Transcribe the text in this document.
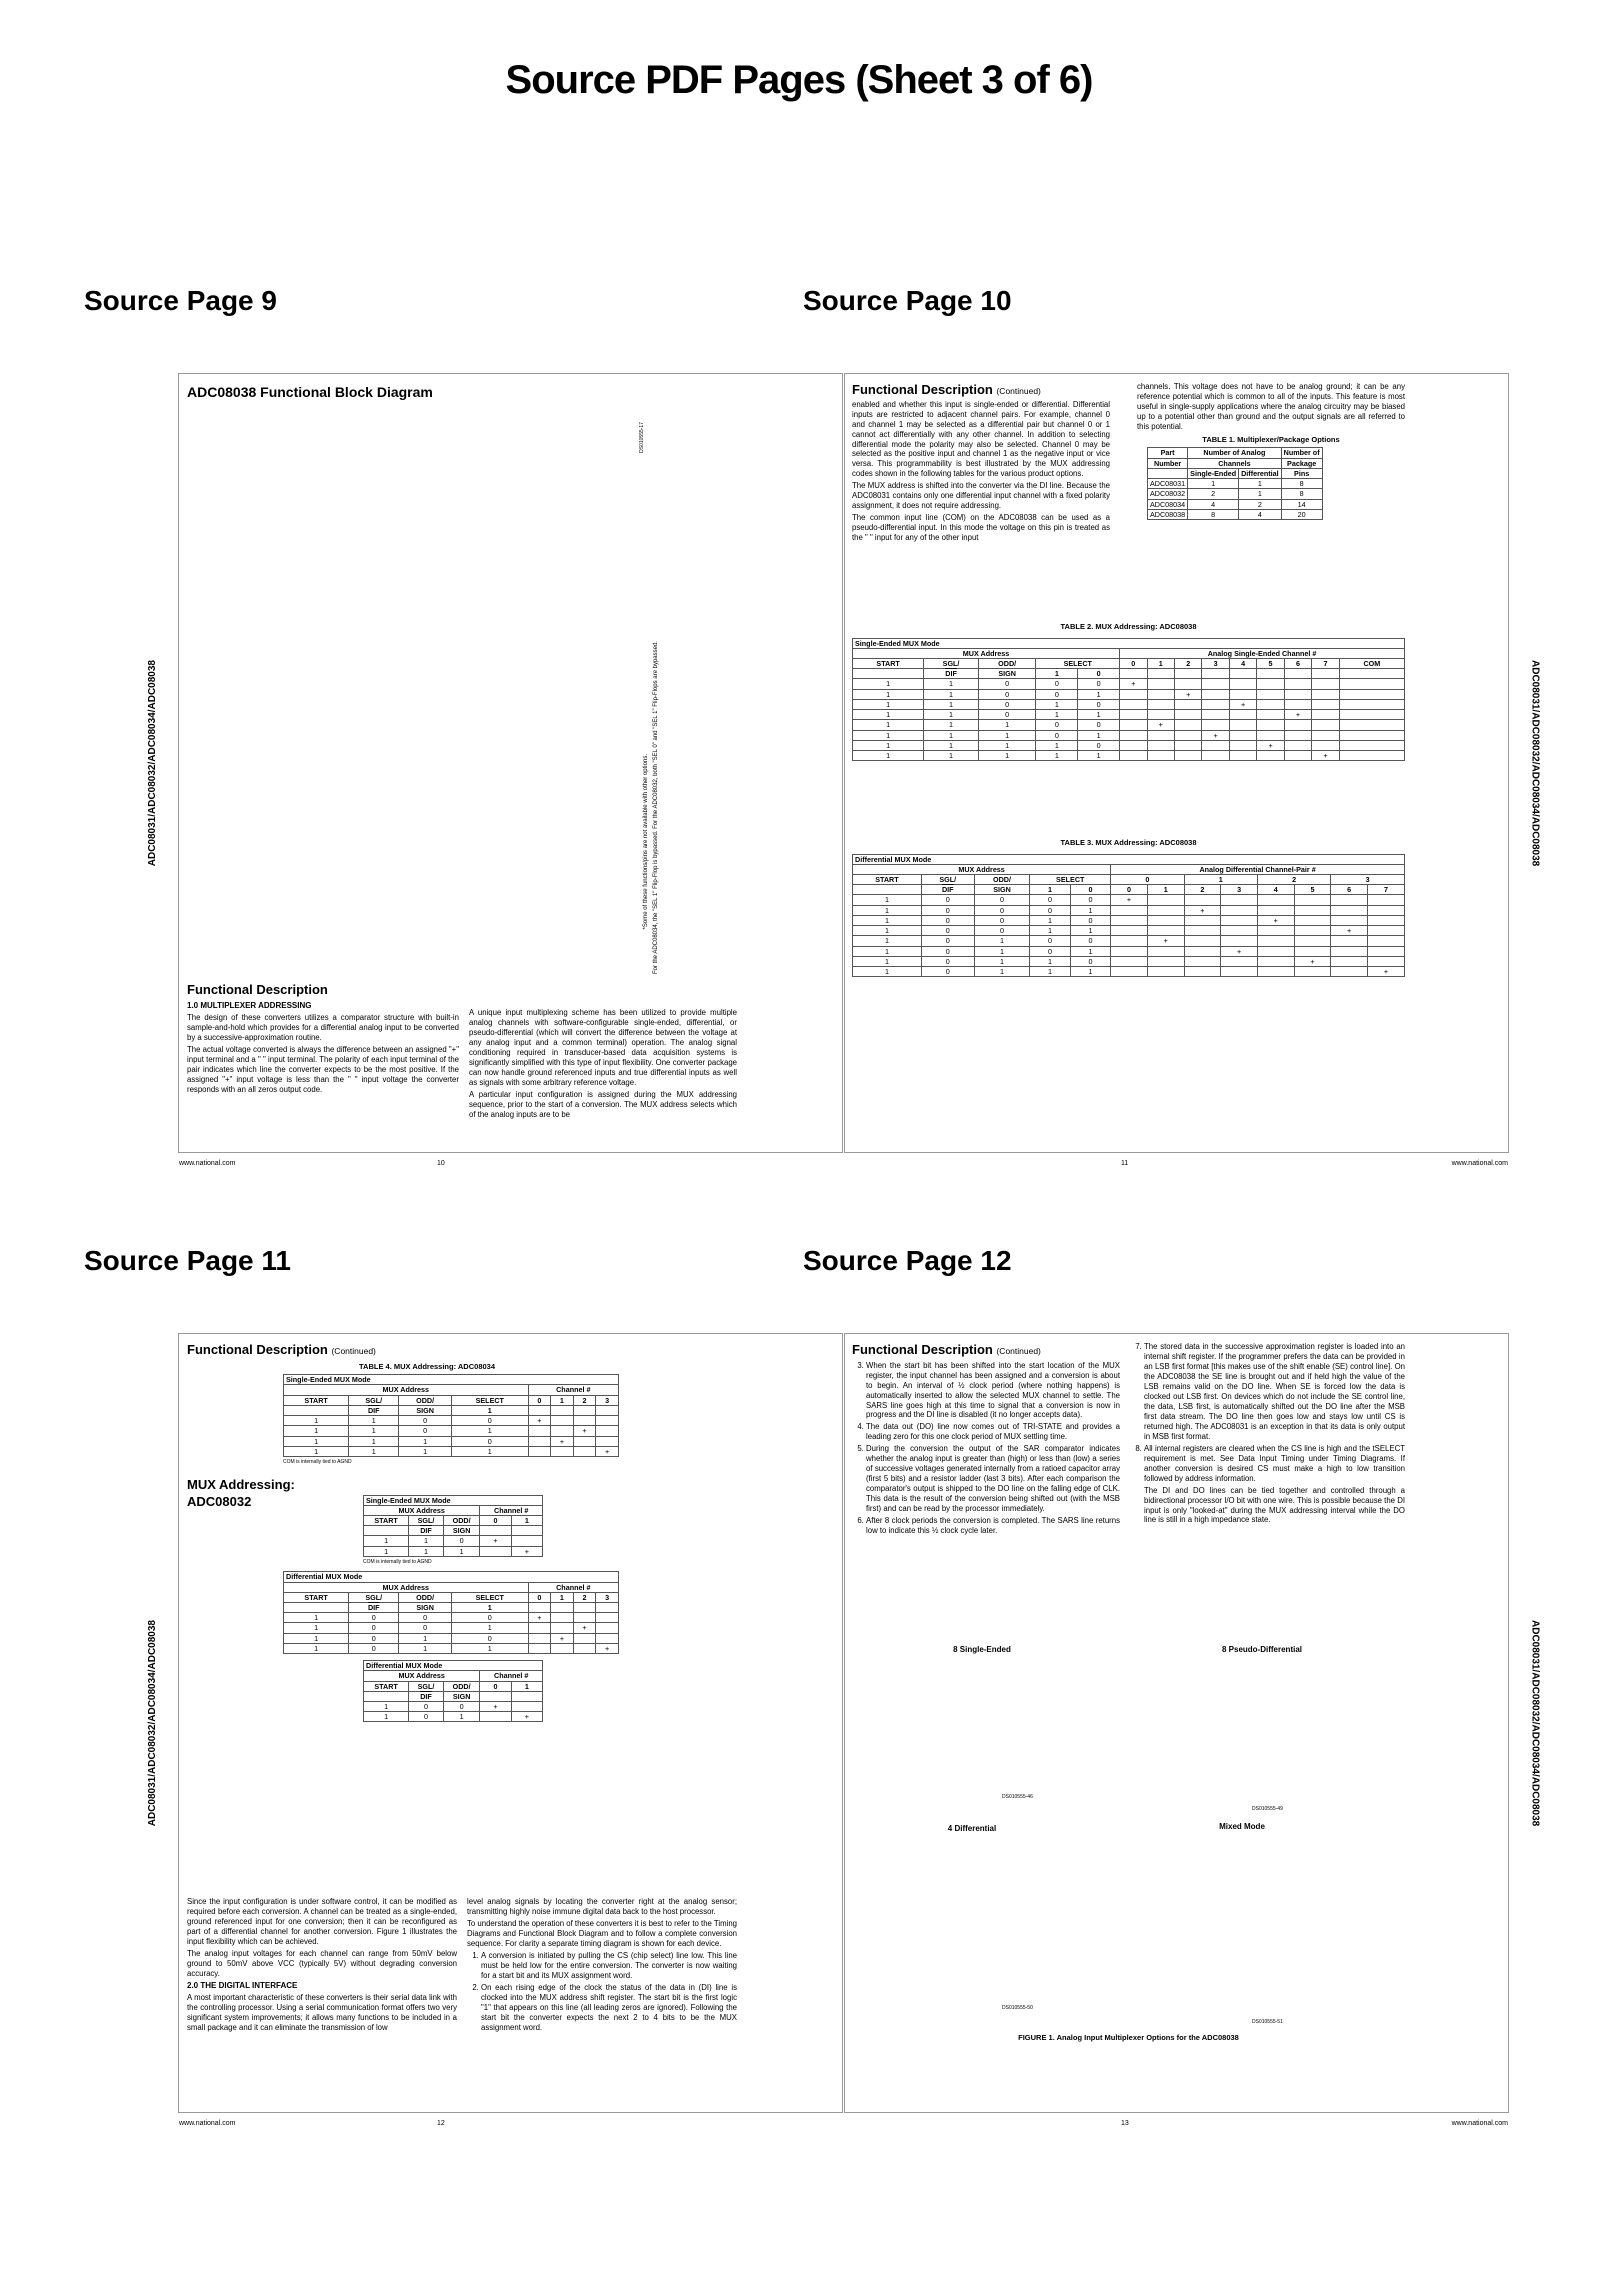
Source PDF Pages (Sheet 3 of 6)
Source Page 9	Source Page 10
Source Page 11	Source Page 12
ADC08031/ADC08032/ADC08034/ADC08038
ADC08038 Functional Block Diagram
DS010555-17
For the ADC08034, the "SEL 1" Flip-Flop is bypassed. For the ADC08032, both "SEL 0" and "SEL 1" Flip-Flops are bypassed.
*Some of these functions/pins are not available with other options.
Functional Description
1.0 MULTIPLEXER ADDRESSING
The design of these converters utilizes a comparator structure with built-in sample-and-hold which provides for a differential analog input to be converted by a successive-approximation routine.
The actual voltage converted is always the difference between an assigned "+" input terminal and a " " input terminal. The polarity of each input terminal of the pair indicates which line the converter expects to be the most positive. If the assigned "+" input voltage is less than the " " input voltage the converter responds with an all zeros output code.
A unique input multiplexing scheme has been utilized to provide multiple analog channels with software-configurable single-ended, differential, or pseudo-differential (which will convert the difference between the voltage at any analog input and a common terminal) operation. The analog signal conditioning required in transducer-based data acquisition systems is significantly simplified with this type of input flexibility. One converter package can now handle ground referenced inputs and true differential inputs as well as signals with some arbitrary reference voltage.
A particular input configuration is assigned during the MUX addressing sequence, prior to the start of a conversion. The MUX address selects which of the analog inputs are to be
www.national.com	10
ADC08031/ADC08032/ADC08034/ADC08038
Functional Description (Continued)
enabled and whether this input is single-ended or differential. Differential inputs are restricted to adjacent channel pairs. For example, channel 0 and channel 1 may be selected as a differential pair but channel 0 or 1 cannot act differentially with any other channel. In addition to selecting differential mode the polarity may also be selected. Channel 0 may be selected as the positive input and channel 1 as the negative input or vice versa. This programmability is best illustrated by the MUX addressing codes shown in the following tables for the various product options.
The MUX address is shifted into the converter via the DI line. Because the ADC08031 contains only one differential input channel with a fixed polarity assignment, it does not require addressing.
The common input line (COM) on the ADC08038 can be used as a pseudo-differential input. In this mode the voltage on this pin is treated as the " " input for any of the other input
channels. This voltage does not have to be analog ground; it can be any reference potential which is common to all of the inputs. This feature is most useful in single-supply applications where the analog circuitry may be biased up to a potential other than ground and the output signals are all referred to this potential.
TABLE 1. Multiplexer/Package Options
Part	Number of Analog		Number of
Number	Channels		Package
	Single-Ended	Differential	Pins
ADC08031	1	1	8
ADC08032	2	1	8
ADC08034	4	2	14
ADC08038	8	4	20
TABLE 2. MUX Addressing: ADC08038
Single-Ended MUX Mode													
MUX Address					Analog Single-Ended Channel #								
START	SGL/	ODD/	SELECT		0	1	2	3	4	5	6	7	COM
	$\overline{DIF}$	SIGN	1	0									
1	1	0	0	0	+								
1	1	0	0	1			+						
1	1	0	1	0					+				
1	1	0	1	1							+		
1	1	1	0	0		+							
1	1	1	0	1				+					
1	1	1	1	0						+			
1	1	1	1	1								+	
TABLE 3. MUX Addressing: ADC08038
Differential MUX Mode												
MUX Address					Analog Differential Channel-Pair #							
START	SGL/	ODD/	SELECT		0		1		2		3	
	$\overline{DIF}$	SIGN	1	0	0	1	2	3	4	5	6	7
1	0	0	0	0	+							
1	0	0	0	1			+					
1	0	0	1	0					+			
1	0	0	1	1							+	
1	0	1	0	0		+						
1	0	1	0	1				+				
1	0	1	1	0						+		
1	0	1	1	1								+
11	www.national.com
ADC08031/ADC08032/ADC08034/ADC08038
Functional Description (Continued)
TABLE 4. MUX Addressing: ADC08034
Single-Ended MUX Mode							
MUX Address				Channel #			
START	SGL/	ODD/	SELECT	0	1	2	3
	$\overline{DIF}$	SIGN	1				
1	1	0	0	+			
1	1	0	1			+	
1	1	1	0		+		
1	1	1	1				+
COM is internally tied to AGND
MUX Addressing:
ADC08032	Single-Ended MUX Mode				
MUX Address			Channel #	
START	SGL/	ODD/	0	1
	$\overline{DIF}$	SIGN		
1	1	0	+	
1	1	1		+
COM is internally tied to AGND
Differential MUX Mode							
MUX Address				Channel #			
START	SGL/	ODD/	SELECT	0	1	2	3
	$\overline{DIF}$	SIGN	1				
1	0	0	0	+			
1	0	0	1			+	
1	0	1	0		+		
1	0	1	1				+
Differential MUX Mode				
MUX Address			Channel #	
START	SGL/	ODD/	0	1
	$\overline{DIF}$	SIGN		
1	0	0	+	
1	0	1		+
Since the input configuration is under software control, it can be modified as required before each conversion. A channel can be treated as a single-ended, ground referenced input for one conversion; then it can be reconfigured as part of a differential channel for another conversion. Figure 1 illustrates the input flexibility which can be achieved.
The analog input voltages for each channel can range from 50mV below ground to 50mV above VCC (typically 5V) without degrading conversion accuracy.
2.0 THE DIGITAL INTERFACE
A most important characteristic of these converters is their serial data link with the controlling processor. Using a serial communication format offers two very significant system improvements; it allows many functions to be included in a small package and it can eliminate the transmission of low
level analog signals by locating the converter right at the analog sensor; transmitting highly noise immune digital data back to the host processor.
To understand the operation of these converters it is best to refer to the Timing Diagrams and Functional Block Diagram and to follow a complete conversion sequence. For clarity a separate timing diagram is shown for each device.
1. A conversion is initiated by pulling the CS (chip select) line low. This line must be held low for the entire conversion. The converter is now waiting for a start bit and its MUX assignment word.
2. On each rising edge of the clock the status of the data in (DI) line is clocked into the MUX address shift register. The start bit is the first logic "1" that appears on this line (all leading zeros are ignored). Following the start bit the converter expects the next 2 to 4 bits to be the MUX assignment word.
www.national.com	12
ADC08031/ADC08032/ADC08034/ADC08038
Functional Description (Continued)
3. When the start bit has been shifted into the start location of the MUX register, the input channel has been assigned and a conversion is about to begin. An interval of ½ clock period (where nothing happens) is automatically inserted to allow the selected MUX channel to settle. The SARS line goes high at this time to signal that a conversion is now in progress and the DI line is disabled (it no longer accepts data).
4. The data out (DO) line now comes out of TRI-STATE and provides a leading zero for this one clock period of MUX settling time.
5. During the conversion the output of the SAR comparator indicates whether the analog input is greater than (high) or less than (low) a series of successive voltages generated internally from a ratioed capacitor array (first 5 bits) and a resistor ladder (last 3 bits). After each comparison the comparator's output is shipped to the DO line on the falling edge of CLK. This data is the result of the conversion being shifted out (with the MSB first) and can be read by the processor immediately.
6. After 8 clock periods the conversion is completed. The SARS line returns low to indicate this ½ clock cycle later.
7. The stored data in the successive approximation register is loaded into an internal shift register. If the programmer prefers the data can be provided in an LSB first format [this makes use of the shift enable (SE) control line]. On the ADC08038 the SE line is brought out and if held high the value of the LSB remains valid on the DO line. When SE is forced low the data is clocked out LSB first. On devices which do not include the SE control line, the data, LSB first, is automatically shifted out the DO line after the MSB first data stream. The DO line then goes low and stays low until CS is returned high. The ADC08031 is an exception in that its data is only output in MSB first format.
8. All internal registers are cleared when the CS line is high and the tSELECT requirement is met. See Data Input Timing under Timing Diagrams. If another conversion is desired CS must make a high to low transition followed by address information.
The DI and DO lines can be tied together and controlled through a bidirectional processor I/O bit with one wire. This is possible because the DI input is only "looked-at" during the MUX addressing interval while the DO line is still in a high impedance state.
8 Single-Ended	8 Pseudo-Differential
DS010555-46
DS010555-49
4 Differential	Mixed Mode
DS010555-50
DS010555-51
FIGURE 1. Analog Input Multiplexer Options for the ADC08038
13	www.national.com
